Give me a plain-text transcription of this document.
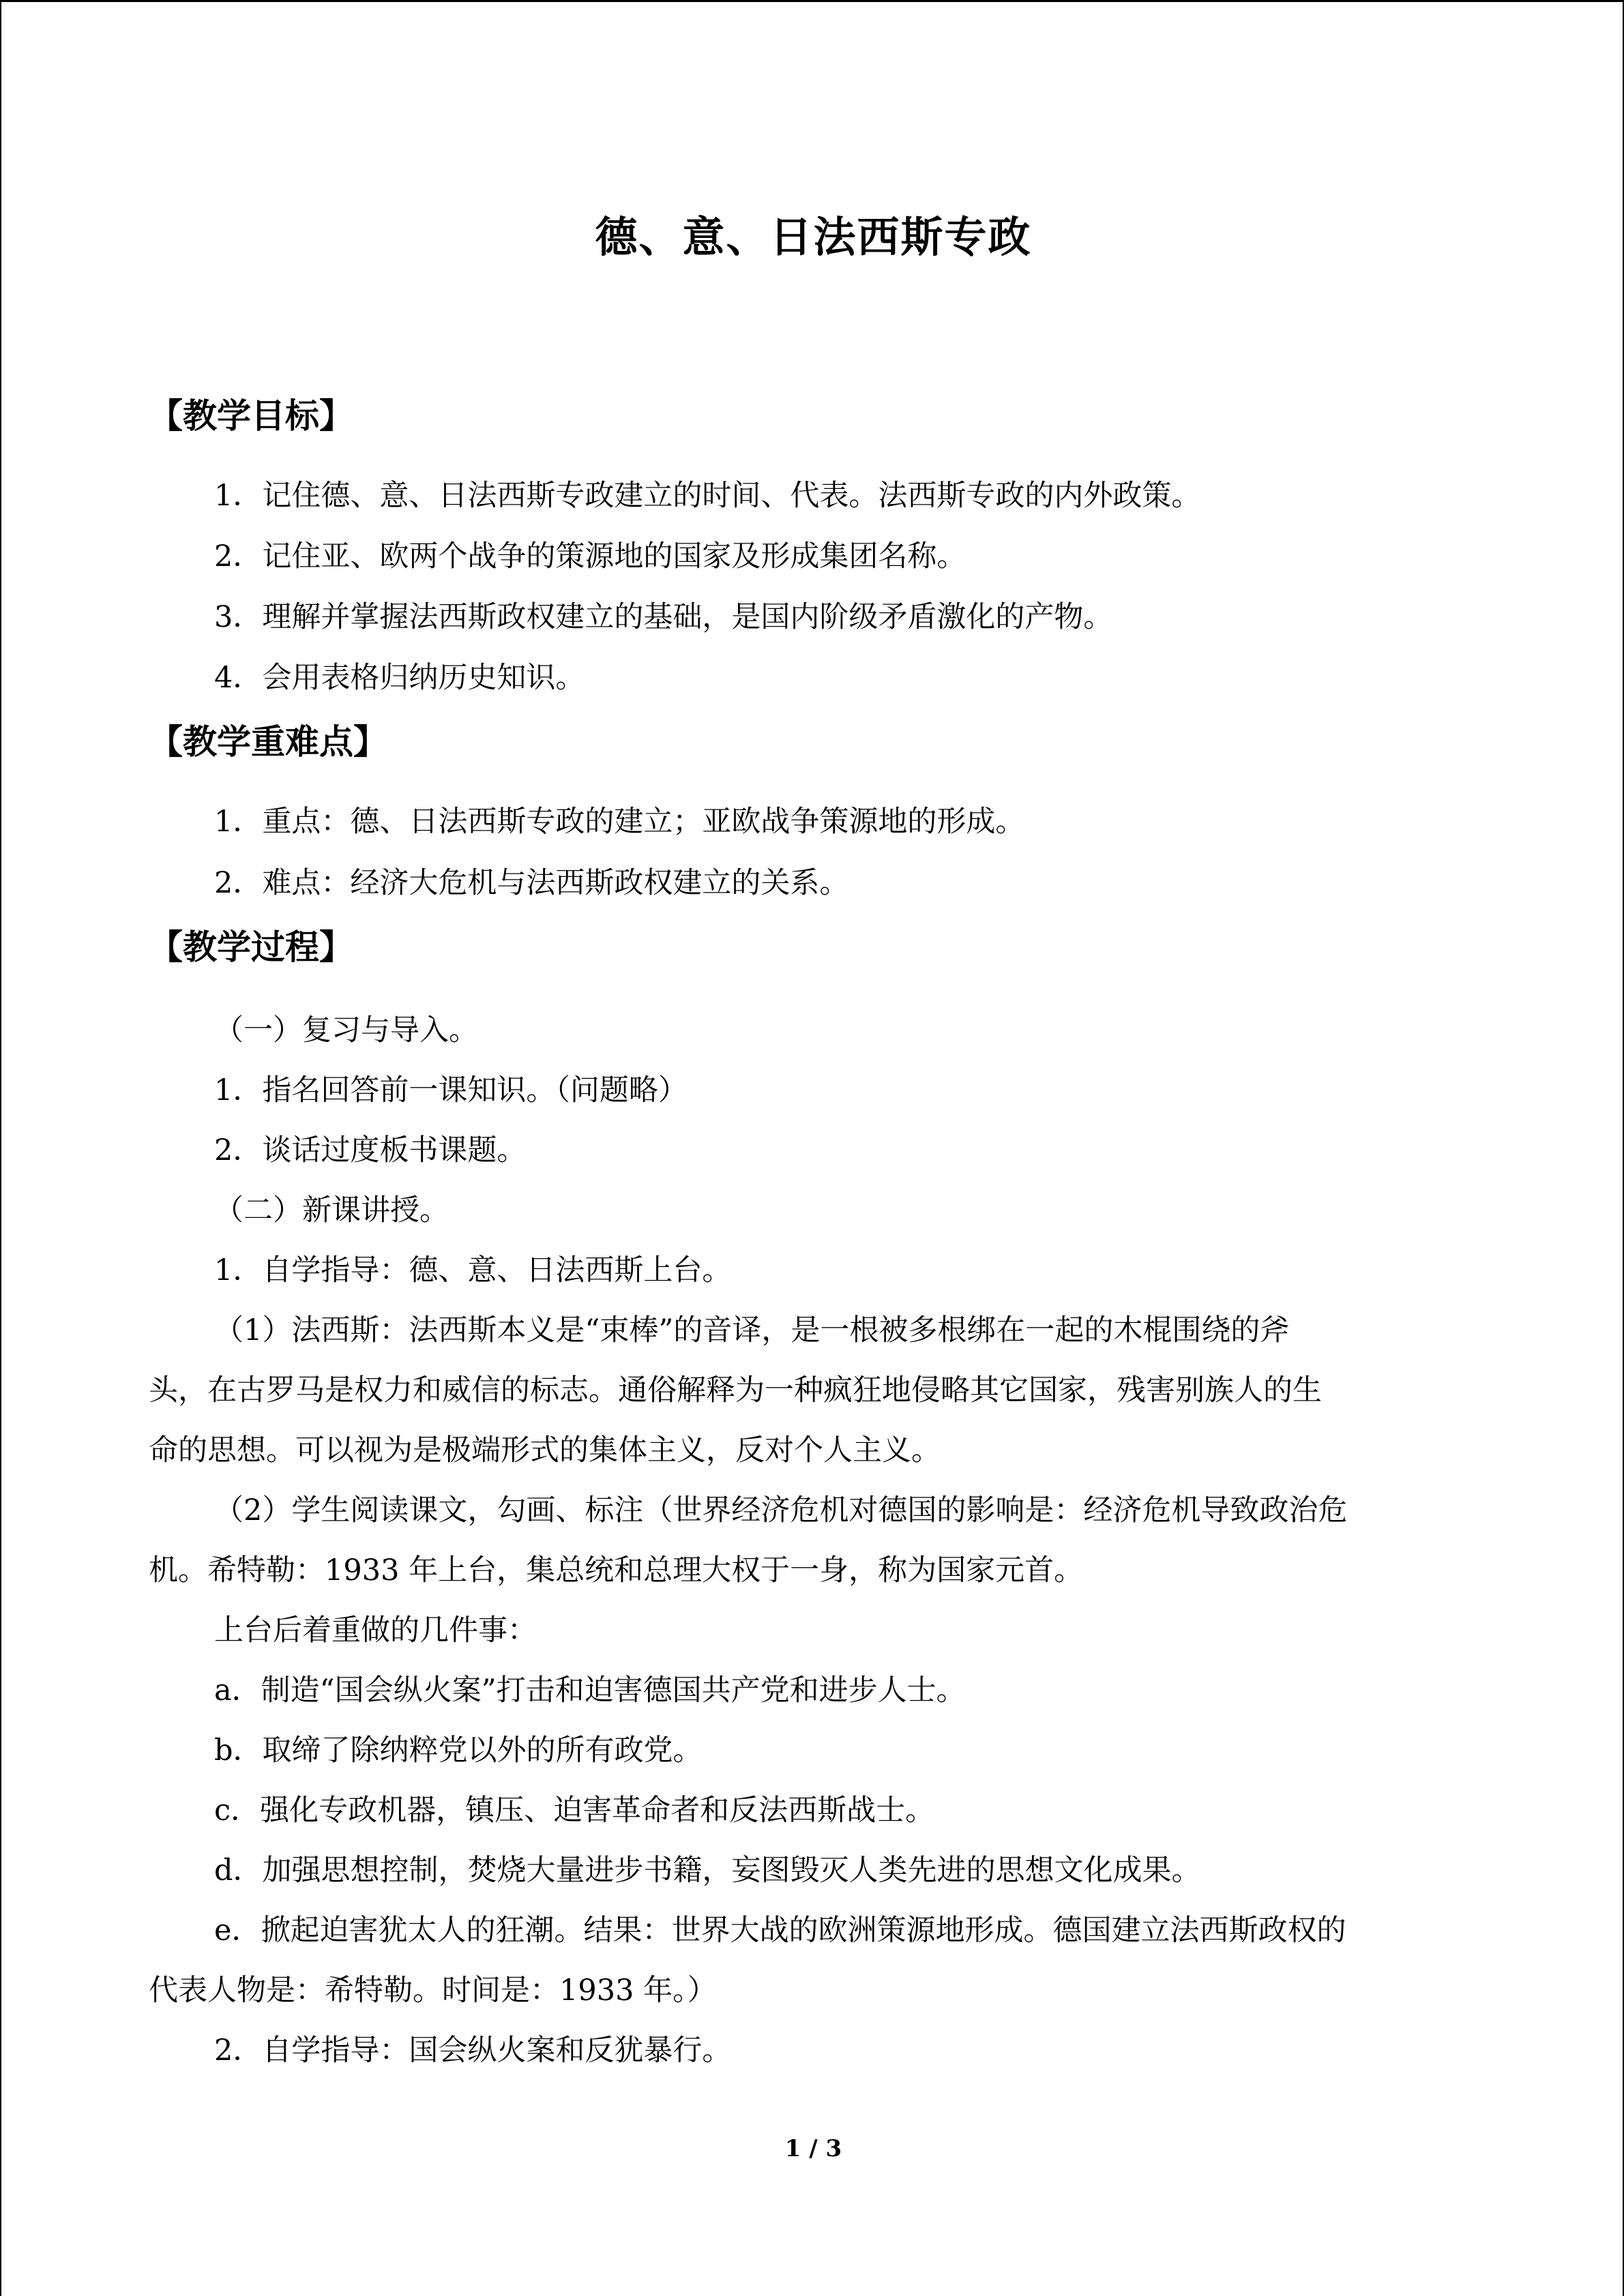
德、意、日法西斯专政
【教学目标】
1．记住德、意、日法西斯专政建立的时间、代表。法西斯专政的内外政策。
2．记住亚、欧两个战争的策源地的国家及形成集团名称。
3．理解并掌握法西斯政权建立的基础，是国内阶级矛盾激化的产物。
4．会用表格归纳历史知识。
【教学重难点】
1．重点：德、日法西斯专政的建立；亚欧战争策源地的形成。
2．难点：经济大危机与法西斯政权建立的关系。
【教学过程】
（一）复习与导入。
1．指名回答前一课知识。（问题略）
2．谈话过度板书课题。
（二）新课讲授。
1．自学指导：德、意、日法西斯上台。
（1）法西斯：法西斯本义是“束棒”的音译，是一根被多根绑在一起的木棍围绕的斧
头，在古罗马是权力和威信的标志。通俗解释为一种疯狂地侵略其它国家，残害别族人的生
命的思想。可以视为是极端形式的集体主义，反对个人主义。
（2）学生阅读课文，勾画、标注（世界经济危机对德国的影响是：经济危机导致政治危
机。希特勒：1933 年上台，集总统和总理大权于一身，称为国家元首。
上台后着重做的几件事：
a．制造“国会纵火案”打击和迫害德国共产党和进步人士。
b．取缔了除纳粹党以外的所有政党。
c．强化专政机器，镇压、迫害革命者和反法西斯战士。
d．加强思想控制，焚烧大量进步书籍，妄图毁灭人类先进的思想文化成果。
e．掀起迫害犹太人的狂潮。结果：世界大战的欧洲策源地形成。德国建立法西斯政权的
代表人物是：希特勒。时间是：1933 年。）
2．自学指导：国会纵火案和反犹暴行。
1 / 3
